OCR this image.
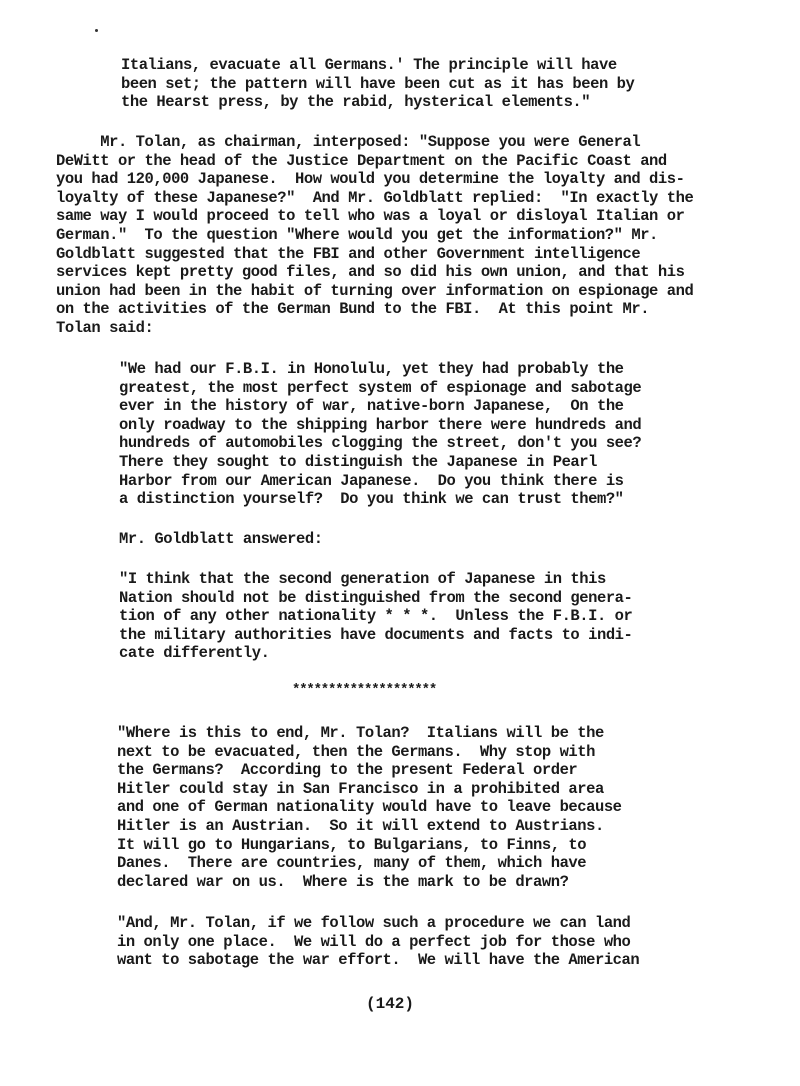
Italians, evacuate all Germans.' The principle will have
been set; the pattern will have been cut as it has been by
the Hearst press, by the rabid, hysterical elements."
Mr. Tolan, as chairman, interposed: "Suppose you were General
DeWitt or the head of the Justice Department on the Pacific Coast and
you had 120,000 Japanese.  How would you determine the loyalty and dis-
loyalty of these Japanese?"  And Mr. Goldblatt replied:  "In exactly the
same way I would proceed to tell who was a loyal or disloyal Italian or
German."  To the question "Where would you get the information?" Mr.
Goldblatt suggested that the FBI and other Government intelligence
services kept pretty good files, and so did his own union, and that his
union had been in the habit of turning over information on espionage and
on the activities of the German Bund to the FBI.  At this point Mr.
Tolan said:
"We had our F.B.I. in Honolulu, yet they had probably the
greatest, the most perfect system of espionage and sabotage
ever in the history of war, native-born Japanese,  On the
only roadway to the shipping harbor there were hundreds and
hundreds of automobiles clogging the street, don't you see?
There they sought to distinguish the Japanese in Pearl
Harbor from our American Japanese.  Do you think there is
a distinction yourself?  Do you think we can trust them?"
Mr. Goldblatt answered:
"I think that the second generation of Japanese in this
Nation should not be distinguished from the second genera-
tion of any other nationality * * *.  Unless the F.B.I. or
the military authorities have documents and facts to indi-
cate differently.
********************
"Where is this to end, Mr. Tolan?  Italians will be the
next to be evacuated, then the Germans.  Why stop with
the Germans?  According to the present Federal order
Hitler could stay in San Francisco in a prohibited area
and one of German nationality would have to leave because
Hitler is an Austrian.  So it will extend to Austrians.
It will go to Hungarians, to Bulgarians, to Finns, to
Danes.  There are countries, many of them, which have
declared war on us.  Where is the mark to be drawn?
"And, Mr. Tolan, if we follow such a procedure we can land
in only one place.  We will do a perfect job for those who
want to sabotage the war effort.  We will have the American
(142)
